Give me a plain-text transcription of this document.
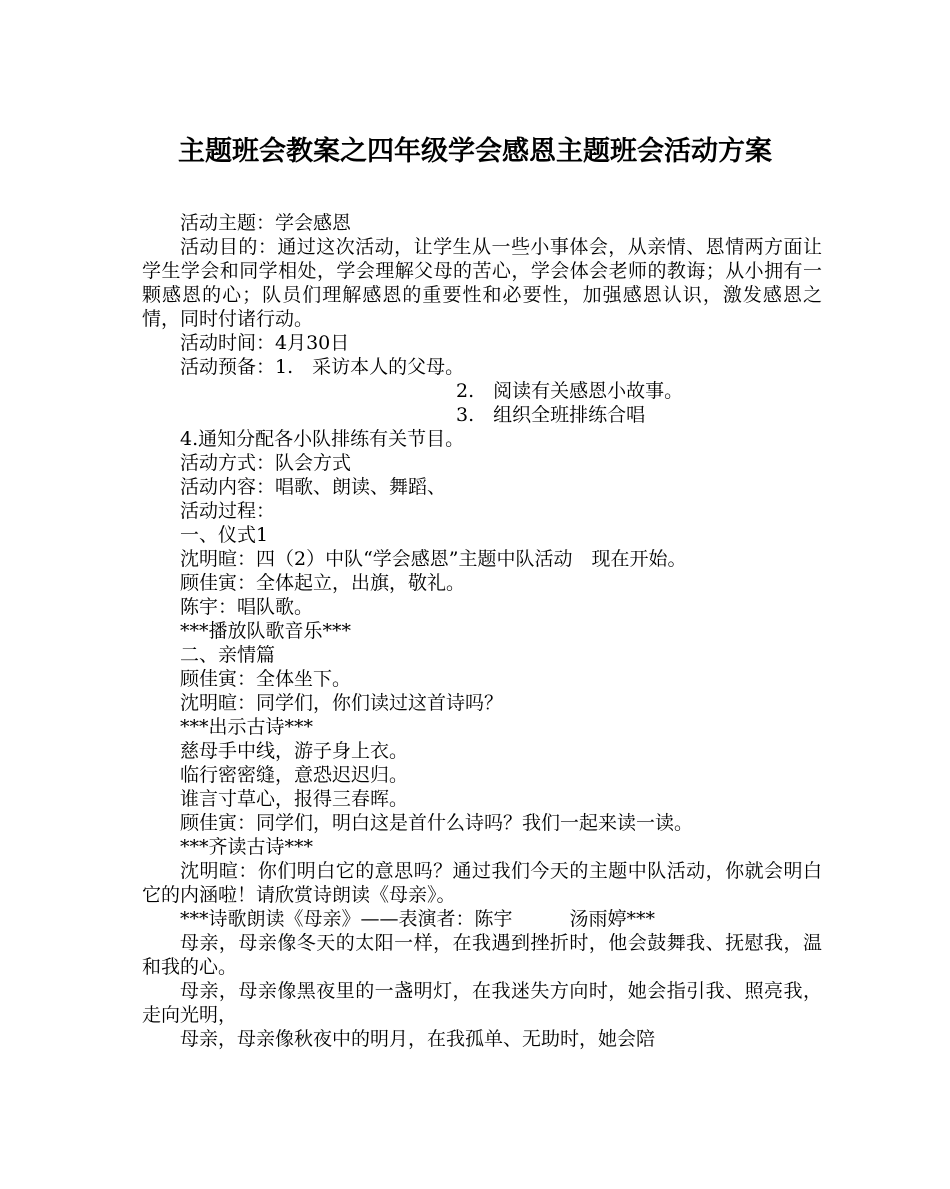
主题班会教案之四年级学会感恩主题班会活动方案

活动主题：学会感恩

活动目的：通过这次活动，让学生从一些小事体会，从亲情、恩情两方面让学生学会和同学相处，学会理解父母的苦心，学会体会老师的教诲；从小拥有一颗感恩的心；队员们理解感恩的重要性和必要性，加强感恩认识，激发感恩之情，同时付诸行动。

活动时间：4月30日

活动预备：1.　采访本人的父母。

2.　阅读有关感恩小故事。

3.　组织全班排练合唱

4.通知分配各小队排练有关节目。

活动方式：队会方式

活动内容：唱歌、朗读、舞蹈、

活动过程：

一、仪式1

沈明暄：四（2）中队“学会感恩”主题中队活动　现在开始。

顾佳寅：全体起立，出旗，敬礼。

陈宇：唱队歌。

***播放队歌音乐***

二、亲情篇

顾佳寅：全体坐下。

沈明暄：同学们，你们读过这首诗吗？

***出示古诗***

慈母手中线，游子身上衣。

临行密密缝，意恐迟迟归。

谁言寸草心，报得三春晖。

顾佳寅：同学们，明白这是首什么诗吗？我们一起来读一读。

***齐读古诗***

沈明暄：你们明白它的意思吗？通过我们今天的主题中队活动，你就会明白它的内涵啦！请欣赏诗朗读《母亲》。

***诗歌朗读《母亲》——表演者：陈宇　　　汤雨婷***

母亲，母亲像冬天的太阳一样，在我遇到挫折时，他会鼓舞我、抚慰我，温和我的心。

母亲，母亲像黑夜里的一盏明灯，在我迷失方向时，她会指引我、照亮我，走向光明，

母亲，母亲像秋夜中的明月，在我孤单、无助时，她会陪
